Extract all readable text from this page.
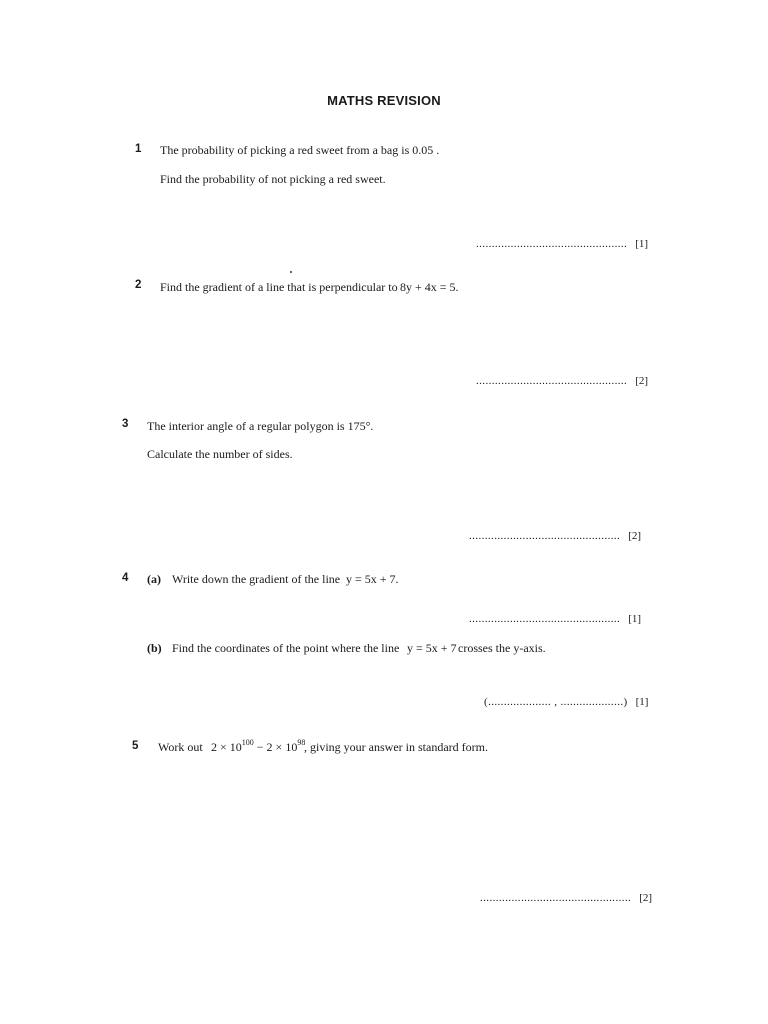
MATHS REVISION
1 The probability of picking a red sweet from a bag is 0.05 .
Find the probability of not picking a red sweet.
................................................ [1]
2 Find the gradient of a line that is perpendicular to 8y + 4x = 5.
................................................ [2]
3 The interior angle of a regular polygon is 175°.
Calculate the number of sides.
................................................ [2]
4 (a) Write down the gradient of the line y = 5x + 7.
................................................ [1]
(b) Find the coordinates of the point where the line y = 5x + 7 crosses the y-axis.
(.................... , ....................) [1]
5 Work out $2 \times 10^{100} - 2 \times 10^{98}$
, giving your answer in standard form.
................................................ [2]
